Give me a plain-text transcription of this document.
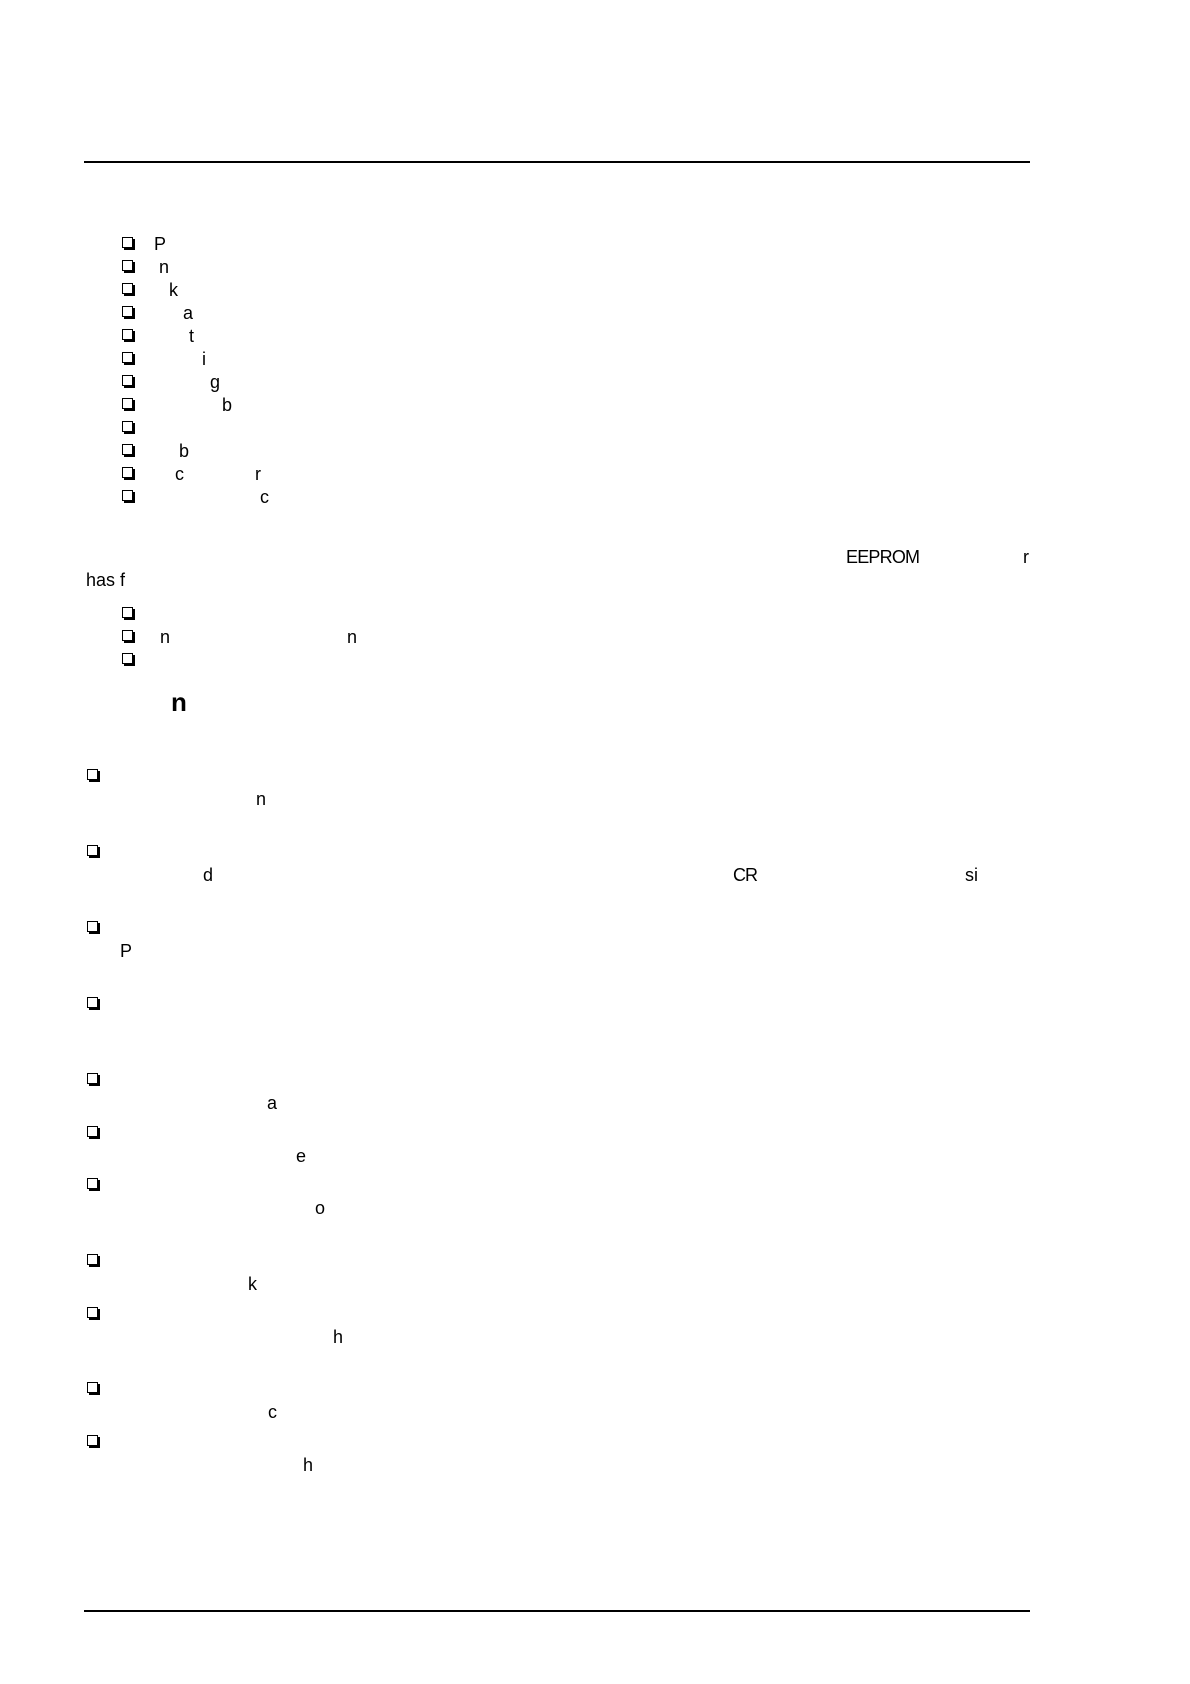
P
n
k
a
t
i
g
b
b
c	r
c
EEPROM	r
has f
n	n
n
n
d	CR	si
P
a
e
o
k
h
c
h
